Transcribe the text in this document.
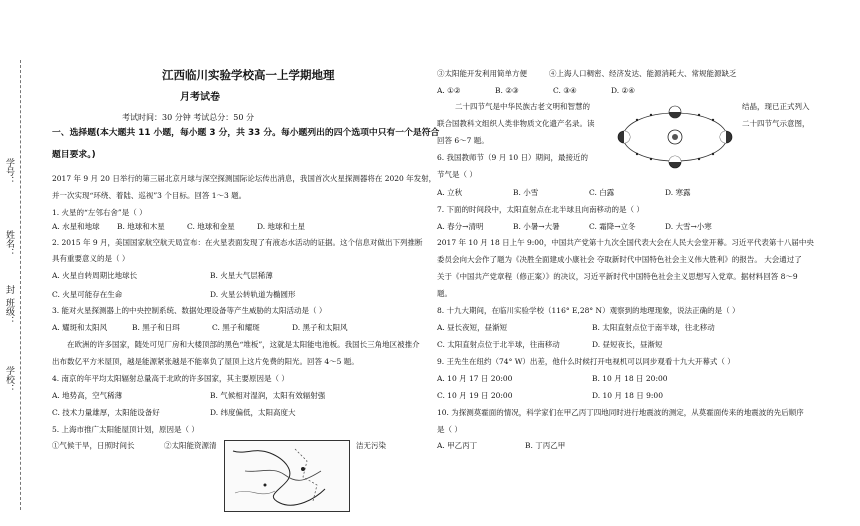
学号：
姓名：
封
班级：
学校：
江西临川实验学校高一上学期地理
月考试卷
考试时间：30 分钟 考试总分：50 分
一、选择题(本大题共 11 小题，每小题 3 分，共 33 分。每小题列出的四个选项中只有一个是符合
题目要求。)
2017 年 9 月 20 日举行的第三届北京月球与深空探测国际论坛传出消息，我国首次火星探测器将在 2020 年发射，
并一次实现“环绕、着陆、巡视”3 个目标。回答 1～3 题。
1. 火星的“左邻右舍”是（ ）
A. 水星和地球 B. 地球和木星	C. 地球和金星	D. 地球和土星
2. 2015 年 9 月，美国国家航空航天局宣布：在火星表面发现了有液态水活动的证据。这个信息对做出下列推断
具有重要意义的是（ ）
A. 火星自转周期比地球长	B. 火星大气层稀薄
C. 火星可能存在生命	D. 火星公转轨道为椭圆形
3. 能对火星探测器上的中央控制系统、数据处理设备等产生威胁的太阳活动是（ ）
A. 耀斑和太阳风	B. 黑子和日珥	C. 黑子和耀斑	D. 黑子和太阳风
在欧洲的许多国家，随处可见厂房和大楼顶部的黑色“堆板”，这就是太阳能电池板。我国长三角地区被推介
出布数亿平方米屋顶，越是能源紧张越是不能辜负了屋顶上这片免费的阳光。回答 4～5 题。
4. 南京的年平均太阳辐射总量高于北欧的许多国家，其主要原因是（ ）
A. 地势高，空气稀薄	B. 气候相对湿润，太阳有效辐射强
C. 技术力量雄厚，太阳能设备好	D. 纬度偏低，太阳高度大
5. 上海市推广太阳能屋顶计划，原因是（ ）
①气候干旱，日照时间长	②太阳能资源清	洁无污染
③太阳能开发利用简单方便	④上海人口稠密、经济发达、能源消耗大、常规能源缺乏
A. ①②	B. ②③	C. ③④	D. ②④
二十四节气是中华民族古老文明和智慧的	结晶，现已正式列入
联合国教科文组织人类非物质文化遗产名录。读	二十四节气示意图，
回答 6～7 题。
6. 我国教师节（9 月 10 日）期间，最接近的
节气是（ ）
A. 立秋	B. 小雪	C. 白露	D. 寒露
7. 下面的时间段中，太阳直射点在北半球且向南移动的是（ ）
A. 春分→清明	B. 小暑→大暑	C. 霜降→立冬	D. 大雪→小寒
2017 年 10 月 18 日上午 9:00，中国共产党第十九次全国代表大会在人民大会堂开幕。习近平代表第十八届中央
委员会向大会作了题为《决胜全面建成小康社会 夺取新时代中国特色社会主义伟大胜利》的报告。 大会通过了
关于《中国共产党章程（修正案）》的决议，习近平新时代中国特色社会主义思想写入党章。据材料回答 8～9
题。
8. 十九大期间，在临川实验学校（116° E,28° N）观察到的地理现象，说法正确的是（ ）
A. 昼长夜短，昼渐短	B. 太阳直射点位于南半球，往北移动
C. 太阳直射点位于北半球，往南移动	D. 昼短夜长，昼渐短
9. 王先生在纽约（74° W）出差，他什么时候打开电视机可以同步观看十九大开幕式（ ）
A. 10 月 17 日 20:00	B. 10 月 18 日 20:00
C. 10 月 19 日 20:00	D. 10 月 18 日 9:00
10. 为探测莫霍面的情况，科学家们在甲乙丙丁四地同时进行地震波的测定，从莫霍面传来的地震波的先后顺序
是（ ）
A. 甲乙丙丁	B. 丁丙乙甲
